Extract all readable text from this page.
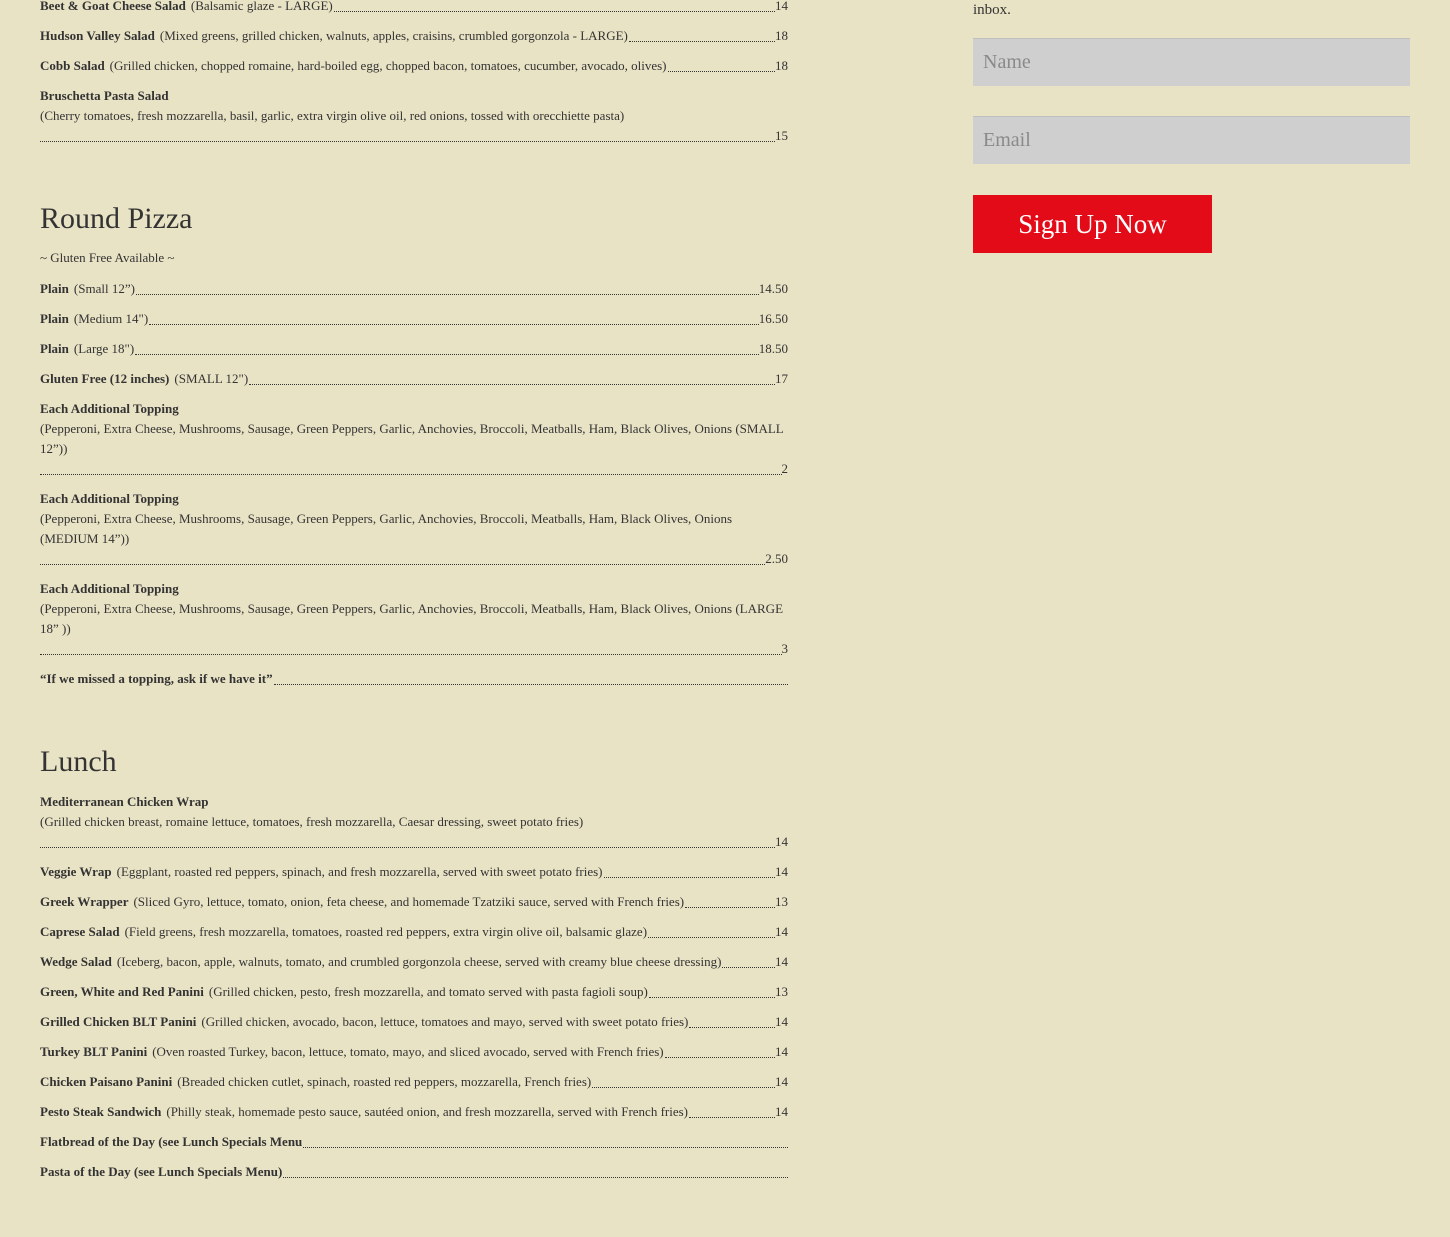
Beet & Goat Cheese Salad (Balsamic glaze - LARGE)	14
Hudson Valley Salad (Mixed greens, grilled chicken, walnuts, apples, craisins, crumbled gorgonzola - LARGE)	18
Cobb Salad (Grilled chicken, chopped romaine, hard-boiled egg, chopped bacon, tomatoes, cucumber, avocado, olives)	18
Bruschetta Pasta Salad
(Cherry tomatoes, fresh mozzarella, basil, garlic, extra virgin olive oil, red onions, tossed with orecchiette pasta)
15
Round Pizza
~ Gluten Free Available ~
Plain (Small 12”)	14.50
Plain (Medium 14")	16.50
Plain (Large 18")	18.50
Gluten Free (12 inches) (SMALL 12")	17
Each Additional Topping
(Pepperoni, Extra Cheese, Mushrooms, Sausage, Green Peppers, Garlic, Anchovies, Broccoli, Meatballs, Ham, Black Olives, Onions (SMALL 12”))
2
Each Additional Topping
(Pepperoni, Extra Cheese, Mushrooms, Sausage, Green Peppers, Garlic, Anchovies, Broccoli, Meatballs, Ham, Black Olives, Onions (MEDIUM 14”))
2.50
Each Additional Topping
(Pepperoni, Extra Cheese, Mushrooms, Sausage, Green Peppers, Garlic, Anchovies, Broccoli, Meatballs, Ham, Black Olives, Onions (LARGE 18” ))
3
“If we missed a topping, ask if we have it”
Lunch
Mediterranean Chicken Wrap
(Grilled chicken breast, romaine lettuce, tomatoes, fresh mozzarella, Caesar dressing, sweet potato fries)
14
Veggie Wrap (Eggplant, roasted red peppers, spinach, and fresh mozzarella, served with sweet potato fries)	14
Greek Wrapper (Sliced Gyro, lettuce, tomato, onion, feta cheese, and homemade Tzatziki sauce, served with French fries)	13
Caprese Salad (Field greens, fresh mozzarella, tomatoes, roasted red peppers, extra virgin olive oil, balsamic glaze)	14
Wedge Salad (Iceberg, bacon, apple, walnuts, tomato, and crumbled gorgonzola cheese, served with creamy blue cheese dressing)	14
Green, White and Red Panini (Grilled chicken, pesto, fresh mozzarella, and tomato served with pasta fagioli soup)	13
Grilled Chicken BLT Panini (Grilled chicken, avocado, bacon, lettuce, tomatoes and mayo, served with sweet potato fries)	14
Turkey BLT Panini (Oven roasted Turkey, bacon, lettuce, tomato, mayo, and sliced avocado, served with French fries)	14
Chicken Paisano Panini (Breaded chicken cutlet, spinach, roasted red peppers, mozzarella, French fries)	14
Pesto Steak Sandwich (Philly steak, homemade pesto sauce, sautéed onion, and fresh mozzarella, served with French fries)	14
Flatbread of the Day (see Lunch Specials Menu
Pasta of the Day (see Lunch Specials Menu)
inbox.
Name
Email
Sign Up Now
